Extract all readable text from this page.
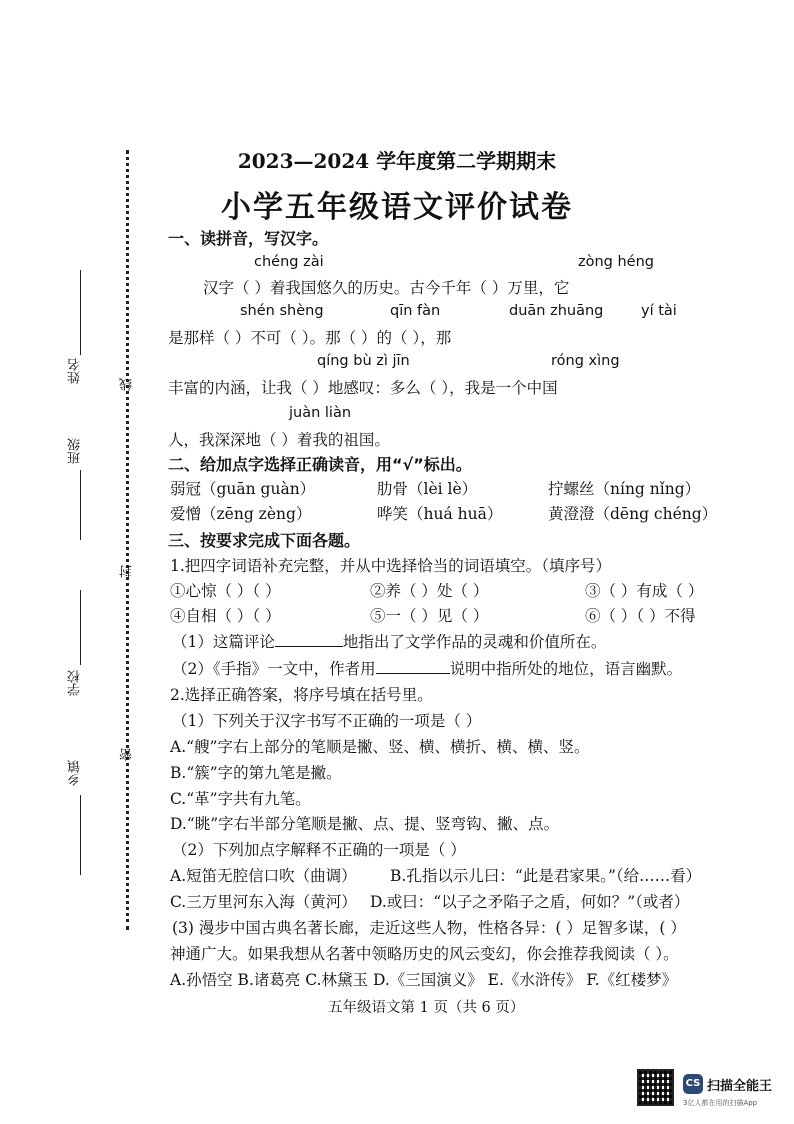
线
封
密
姓名
班级
学校
乡镇
2023—2024 学年度第二学期期末
小学五年级语文评价试卷
一、读拼音，写汉字。
chéng zài	zòng héng
汉字（ ）着我国悠久的历史。古今千年（ ）万里，它
shén shèng	qīn fàn	duān zhuāng	yí tài
是那样（ ）不可（ ）。那（ ）的（ ），那
qíng bù zì jīn	róng xìng
丰富的内涵，让我（ ）地感叹：多么（ ），我是一个中国
juàn liàn
人，我深深地（ ）着我的祖国。
二、给加点字选择正确读音，用“√”标出。
弱冠（guān guàn）	肋骨（lèi lè）	拧螺丝（níng nǐng）
爱憎（zēng zèng）	哗笑（huá huā）	黄澄澄（dēng chéng）
三、按要求完成下面各题。
1.把四字词语补充完整，并从中选择恰当的词语填空。（填序号）
①心惊（ ）（ ）	②养（ ）处（ ）	③（ ）有成（ ）
④自相（ ）（ ）	⑤一（ ）见（ ）	⑥（ ）（ ）不得
（1）这篇评论	地指出了文学作品的灵魂和价值所在。
（2）《手指》一文中，作者用	说明中指所处的地位，语言幽默。
2.选择正确答案，将序号填在括号里。
（1）下列关于汉字书写不正确的一项是（ ）
A.“艘”字右上部分的笔顺是撇、竖、横、横折、横、横、竖。
B.“簇”字的第九笔是撇。
C.“革”字共有九笔。
D.“眺”字右半部分笔顺是撇、点、提、竖弯钩、撇、点。
（2）下列加点字解释不正确的一项是（ ）
A.短笛无腔信口吹（曲调） B.孔指以示儿曰：“此是君家果。”（给……看）
C.三万里河东入海（黄河） D.或曰：“以子之矛陷子之盾，何如？”（或者）
(3) 漫步中国古典名著长廊，走近这些人物，性格各异：( ）足智多谋，( ）
神通广大。如果我想从名著中领略历史的风云变幻，你会推荐我阅读（ ）。
A.孙悟空 B.诸葛亮 C.林黛玉 D.《三国演义》 E.《水浒传》 F.《红楼梦》
五年级语文第 1 页（共 6 页）
CS 扫描全能王
3亿人都在用的扫描App
